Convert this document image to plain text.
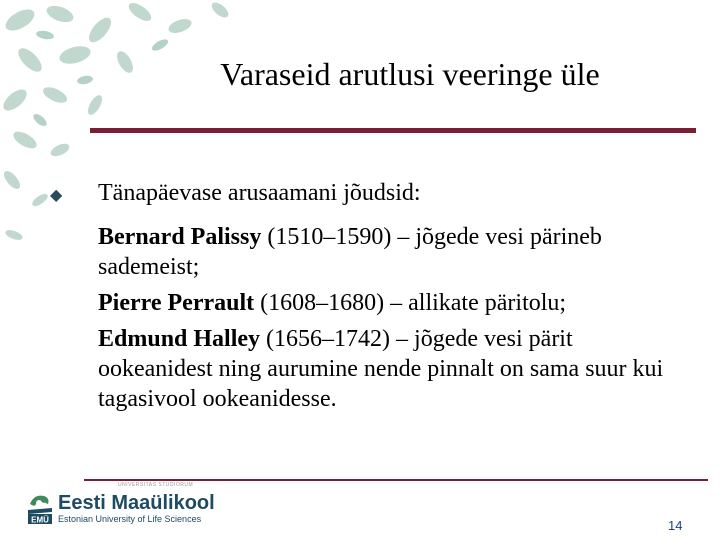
Varaseid arutlusi veeringe üle
◆ Tänapäevase arusaamani jõudsid:
Bernard Palissy (1510–1590) – jõgede vesi pärineb sademeist;
Pierre Perrault (1608–1680) – allikate päritolu;
Edmund Halley (1656–1742) – jõgede vesi pärit ookeanidest ning aurumine nende pinnalt on sama suur kui tagasivool ookeanidesse.
EMÜ
UNIVERSITAS STUDIORUM
Eesti Maaülikool
Estonian University of Life Sciences	14
